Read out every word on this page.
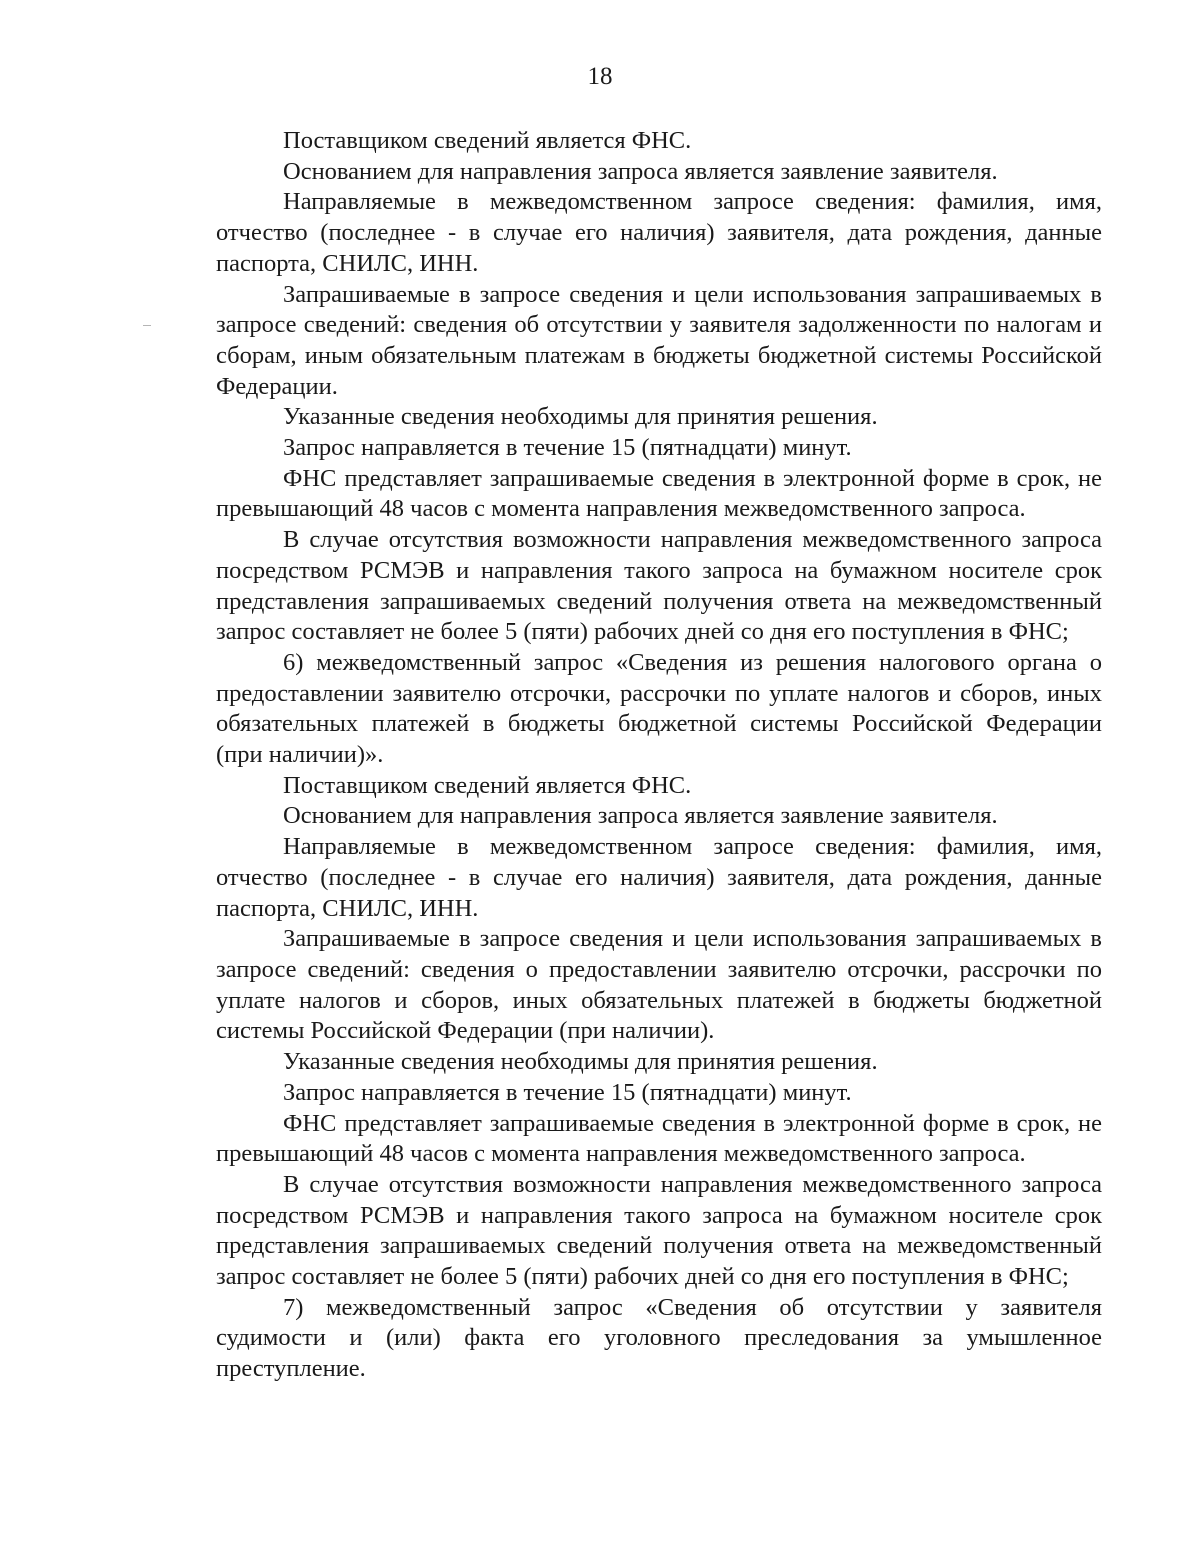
18

Поставщиком сведений является ФНС.

Основанием для направления запроса является заявление заявителя.

Направляемые в межведомственном запросе сведения: фамилия, имя, отчество (последнее - в случае его наличия) заявителя, дата рождения, данные паспорта, СНИЛС, ИНН.

Запрашиваемые в запросе сведения и цели использования запрашиваемых в запросе сведений: сведения об отсутствии у заявителя задолженности по налогам и сборам, иным обязательным платежам в бюджеты бюджетной системы Российской Федерации.

Указанные сведения необходимы для принятия решения.

Запрос направляется в течение 15 (пятнадцати) минут.

ФНС представляет запрашиваемые сведения в электронной форме в срок, не превышающий 48 часов с момента направления межведомственного запроса.

В случае отсутствия возможности направления межведомственного запроса посредством РСМЭВ и направления такого запроса на бумажном носителе срок представления запрашиваемых сведений получения ответа на межведомственный запрос составляет не более 5 (пяти) рабочих дней со дня его поступления в ФНС;

6) межведомственный запрос «Сведения из решения налогового органа о предоставлении заявителю отсрочки, рассрочки по уплате налогов и сборов, иных обязательных платежей в бюджеты бюджетной системы Российской Федерации (при наличии)».

Поставщиком сведений является ФНС.

Основанием для направления запроса является заявление заявителя.

Направляемые в межведомственном запросе сведения: фамилия, имя, отчество (последнее - в случае его наличия) заявителя, дата рождения, данные паспорта, СНИЛС, ИНН.

Запрашиваемые в запросе сведения и цели использования запрашиваемых в запросе сведений: сведения о предоставлении заявителю отсрочки, рассрочки по уплате налогов и сборов, иных обязательных платежей в бюджеты бюджетной системы Российской Федерации (при наличии).

Указанные сведения необходимы для принятия решения.

Запрос направляется в течение 15 (пятнадцати) минут.

ФНС представляет запрашиваемые сведения в электронной форме в срок, не превышающий 48 часов с момента направления межведомственного запроса.

В случае отсутствия возможности направления межведомственного запроса посредством РСМЭВ и направления такого запроса на бумажном носителе срок представления запрашиваемых сведений получения ответа на межведомственный запрос составляет не более 5 (пяти) рабочих дней со дня его поступления в ФНС;

7) межведомственный запрос «Сведения об отсутствии у заявителя судимости и (или) факта его уголовного преследования за умышленное преступление.
